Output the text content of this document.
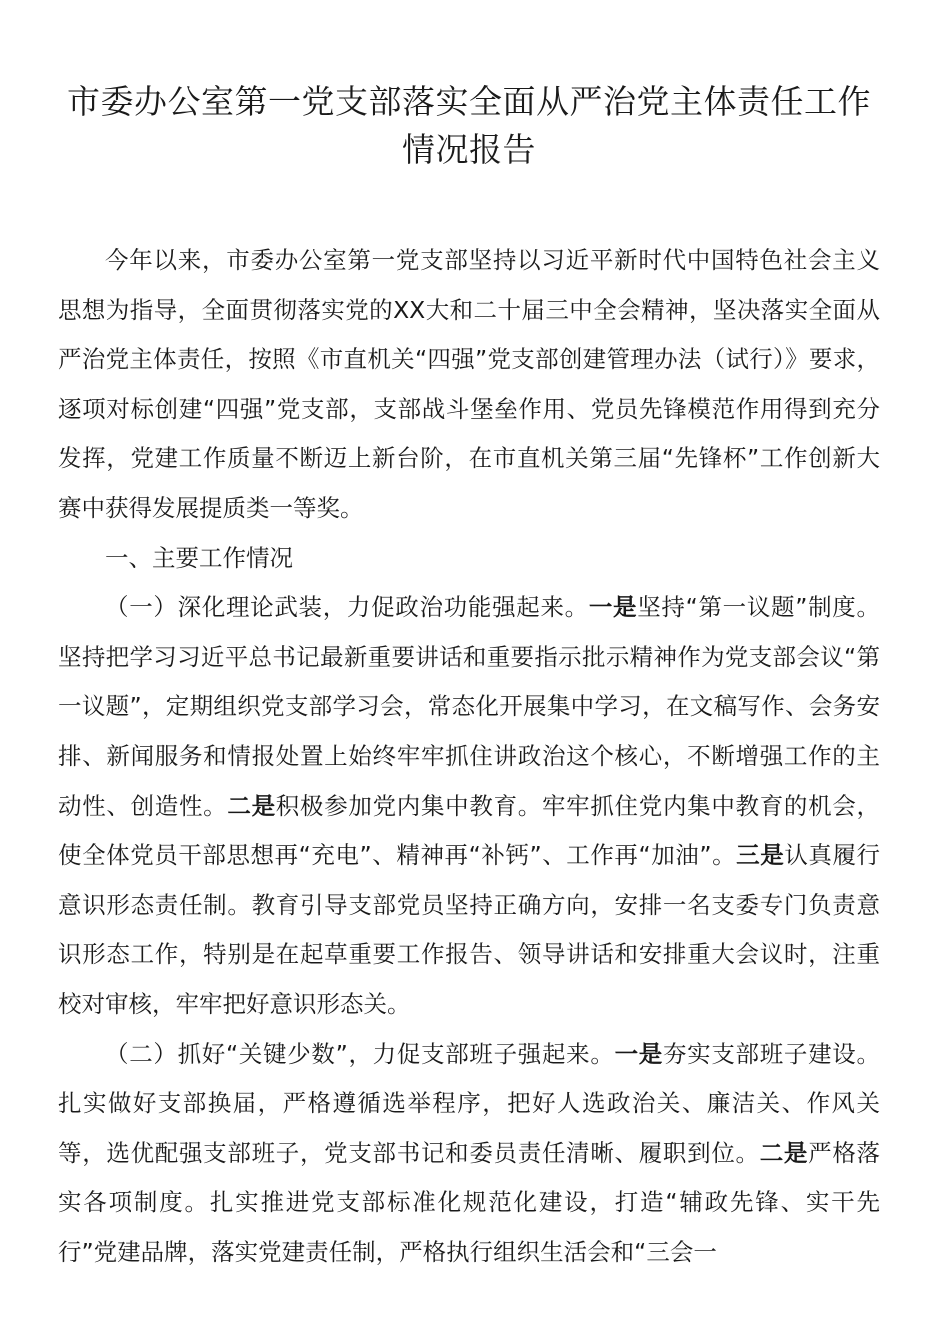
市委办公室第一党支部落实全面从严治党主体责任工作情况报告

今年以来，市委办公室第一党支部坚持以习近平新时代中国特色社会主义思想为指导，全面贯彻落实党的XX大和二十届三中全会精神，坚决落实全面从严治党主体责任，按照《市直机关“四强”党支部创建管理办法（试行）》要求，逐项对标创建“四强”党支部，支部战斗堡垒作用、党员先锋模范作用得到充分发挥，党建工作质量不断迈上新台阶，在市直机关第三届“先锋杯”工作创新大赛中获得发展提质类一等奖。

一、主要工作情况

（一）深化理论武装，力促政治功能强起来。一是坚持“第一议题”制度。坚持把学习习近平总书记最新重要讲话和重要指示批示精神作为党支部会议“第一议题”，定期组织党支部学习会，常态化开展集中学习，在文稿写作、会务安排、新闻服务和情报处置上始终牢牢抓住讲政治这个核心，不断增强工作的主动性、创造性。二是积极参加党内集中教育。牢牢抓住党内集中教育的机会，使全体党员干部思想再“充电”、精神再“补钙”、工作再“加油”。三是认真履行意识形态责任制。教育引导支部党员坚持正确方向，安排一名支委专门负责意识形态工作，特别是在起草重要工作报告、领导讲话和安排重大会议时，注重校对审核，牢牢把好意识形态关。

（二）抓好“关键少数”，力促支部班子强起来。一是夯实支部班子建设。扎实做好支部换届，严格遵循选举程序，把好人选政治关、廉洁关、作风关等，选优配强支部班子，党支部书记和委员责任清晰、履职到位。二是严格落实各项制度。扎实推进党支部标准化规范化建设，打造“辅政先锋、实干先行”党建品牌，落实党建责任制，严格执行组织生活会和“三会一
